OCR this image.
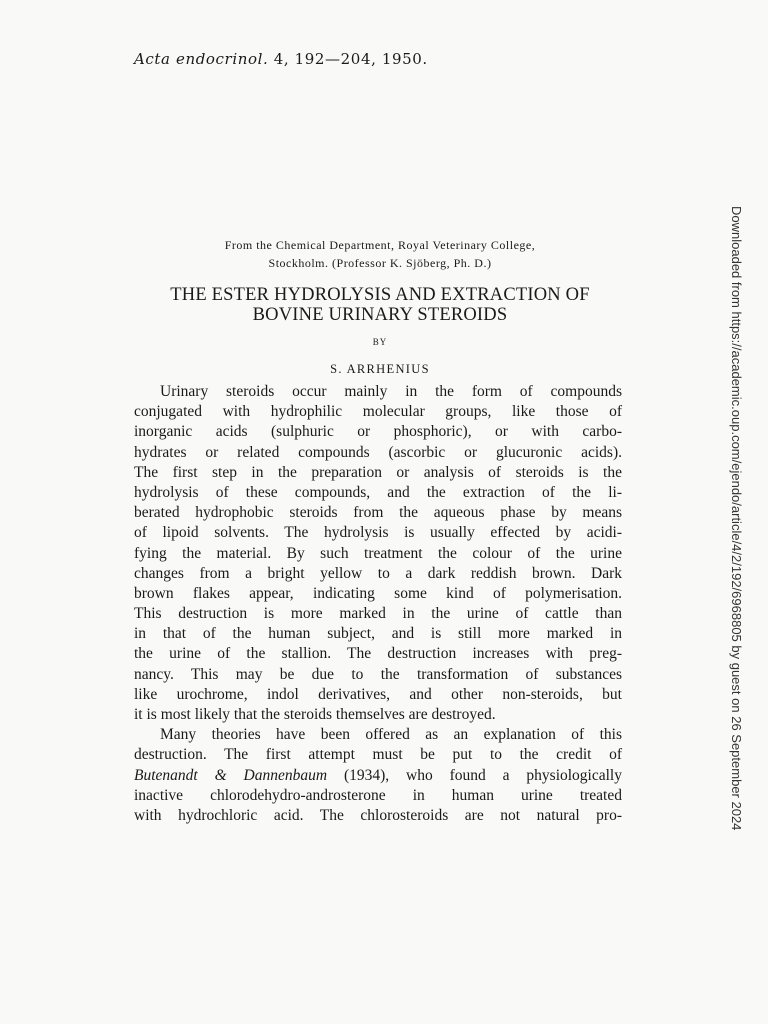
Acta endocrinol. 4, 192—204, 1950.
From the Chemical Department, Royal Veterinary College,
Stockholm. (Professor K. Sjöberg, Ph. D.)
THE ESTER HYDROLYSIS AND EXTRACTION OF
BOVINE URINARY STEROIDS
BY
S. ARRHENIUS
Urinary steroids occur mainly in the form of compounds
conjugated with hydrophilic molecular groups, like those of
inorganic acids (sulphuric or phosphoric), or with carbo-
hydrates or related compounds (ascorbic or glucuronic acids).
The first step in the preparation or analysis of steroids is the
hydrolysis of these compounds, and the extraction of the li-
berated hydrophobic steroids from the aqueous phase by means
of lipoid solvents. The hydrolysis is usually effected by acidi-
fying the material. By such treatment the colour of the urine
changes from a bright yellow to a dark reddish brown. Dark
brown flakes appear, indicating some kind of polymerisation.
This destruction is more marked in the urine of cattle than
in that of the human subject, and is still more marked in
the urine of the stallion. The destruction increases with preg-
nancy. This may be due to the transformation of substances
like urochrome, indol derivatives, and other non-steroids, but
it is most likely that the steroids themselves are destroyed.
Many theories have been offered as an explanation of this
destruction. The first attempt must be put to the credit of
Butenandt & Dannenbaum (1934), who found a physiologically
inactive chlorodehydro-androsterone in human urine treated
with hydrochloric acid. The chlorosteroids are not natural pro-	Downloaded from https://academic.oup.com/ejendo/article/4/2/192/6968805 by guest on 26 September 2024
